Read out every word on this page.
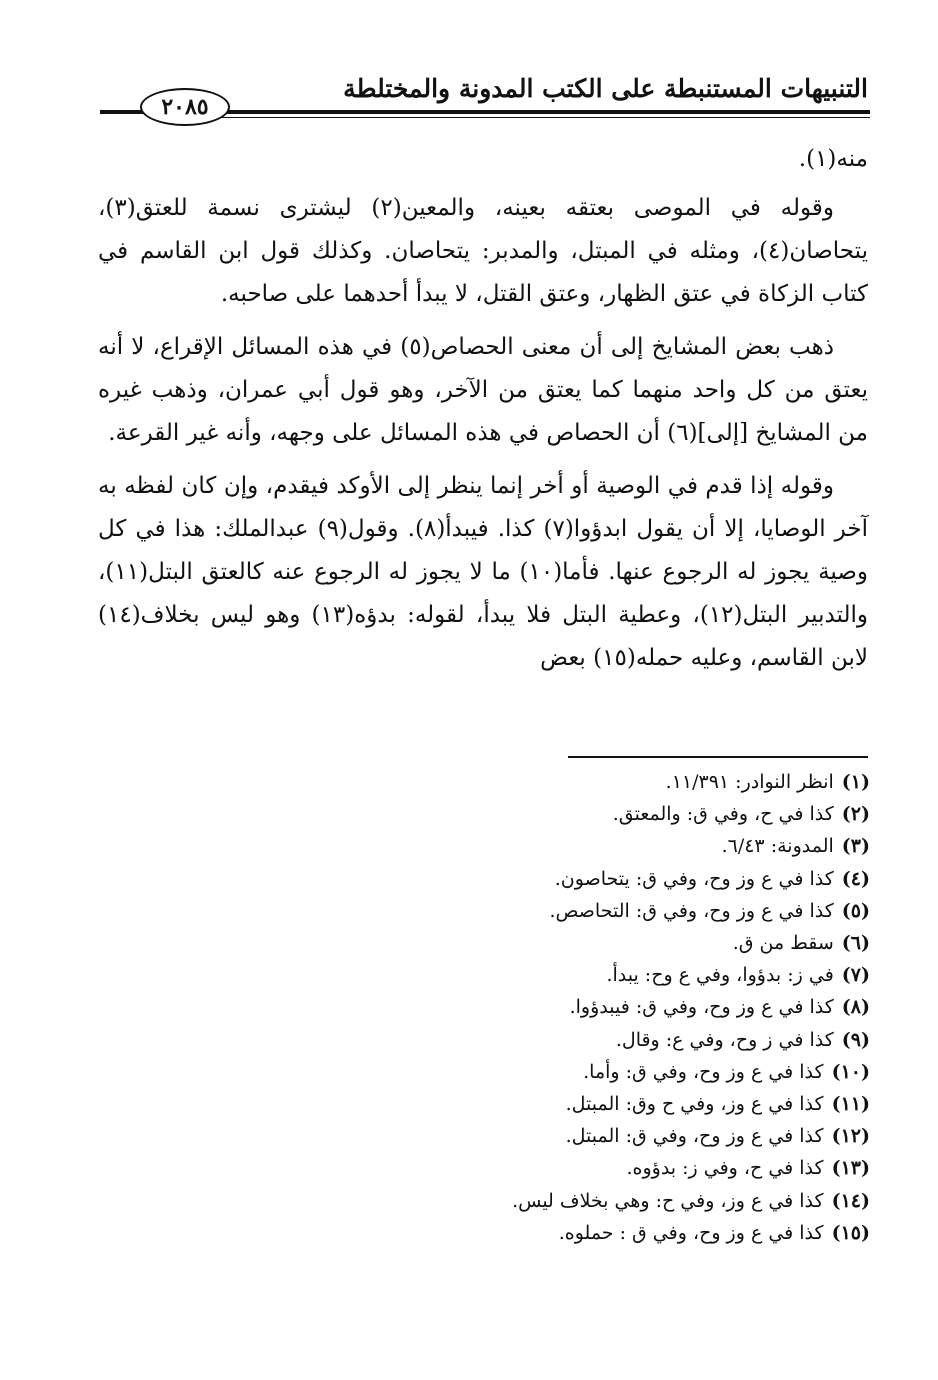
التنبيهات المستنبطة على الكتب المدونة والمختلطة
٢٠٨٥

منه(١).

وقوله في الموصى بعتقه بعينه، والمعين(٢) ليشترى نسمة للعتق(٣)، يتحاصان(٤)، ومثله في المبتل، والمدبر: يتحاصان. وكذلك قول ابن القاسم في كتاب الزكاة في عتق الظهار، وعتق القتل، لا يبدأ أحدهما على صاحبه.

ذهب بعض المشايخ إلى أن معنى الحصاص(٥) في هذه المسائل الإقراع، لا أنه يعتق من كل واحد منهما كما يعتق من الآخر، وهو قول أبي عمران، وذهب غيره من المشايخ [إلى](٦) أن الحصاص في هذه المسائل على وجهه، وأنه غير القرعة.

وقوله إذا قدم في الوصية أو أخر إنما ينظر إلى الأوكد فيقدم، وإن كان لفظه به آخر الوصايا، إلا أن يقول ابدؤوا(٧) كذا. فيبدأ(٨). وقول(٩) عبدالملك: هذا في كل وصية يجوز له الرجوع عنها. فأما(١٠) ما لا يجوز له الرجوع عنه كالعتق البتل(١١)، والتدبير البتل(١٢)، وعطية البتل فلا يبدأ، لقوله: بدؤه(١٣) وهو ليس بخلاف(١٤) لابن القاسم، وعليه حمله(١٥) بعض

(١)انظر النوادر: ١١/٣٩١.
(٢)كذا في ح، وفي ق: والمعتق.
(٣)المدونة: ٦/٤٣.
(٤)كذا في ع وز وح، وفي ق: يتحاصون.
(٥)كذا في ع وز وح، وفي ق: التحاصص.
(٦)سقط من ق.
(٧)في ز: بدؤوا، وفي ع وح: يبدأ.
(٨)كذا في ع وز وح، وفي ق: فيبدؤوا.
(٩)كذا في ز وح، وفي ع: وقال.
(١٠)كذا في ع وز وح، وفي ق: وأما.
(١١)كذا في ع وز، وفي ح وق: المبتل.
(١٢)كذا في ع وز وح، وفي ق: المبتل.
(١٣)كذا في ح، وفي ز: بدؤوه.
(١٤)كذا في ع وز، وفي ح: وهي بخلاف ليس.
(١٥)كذا في ع وز وح، وفي ق : حملوه.
